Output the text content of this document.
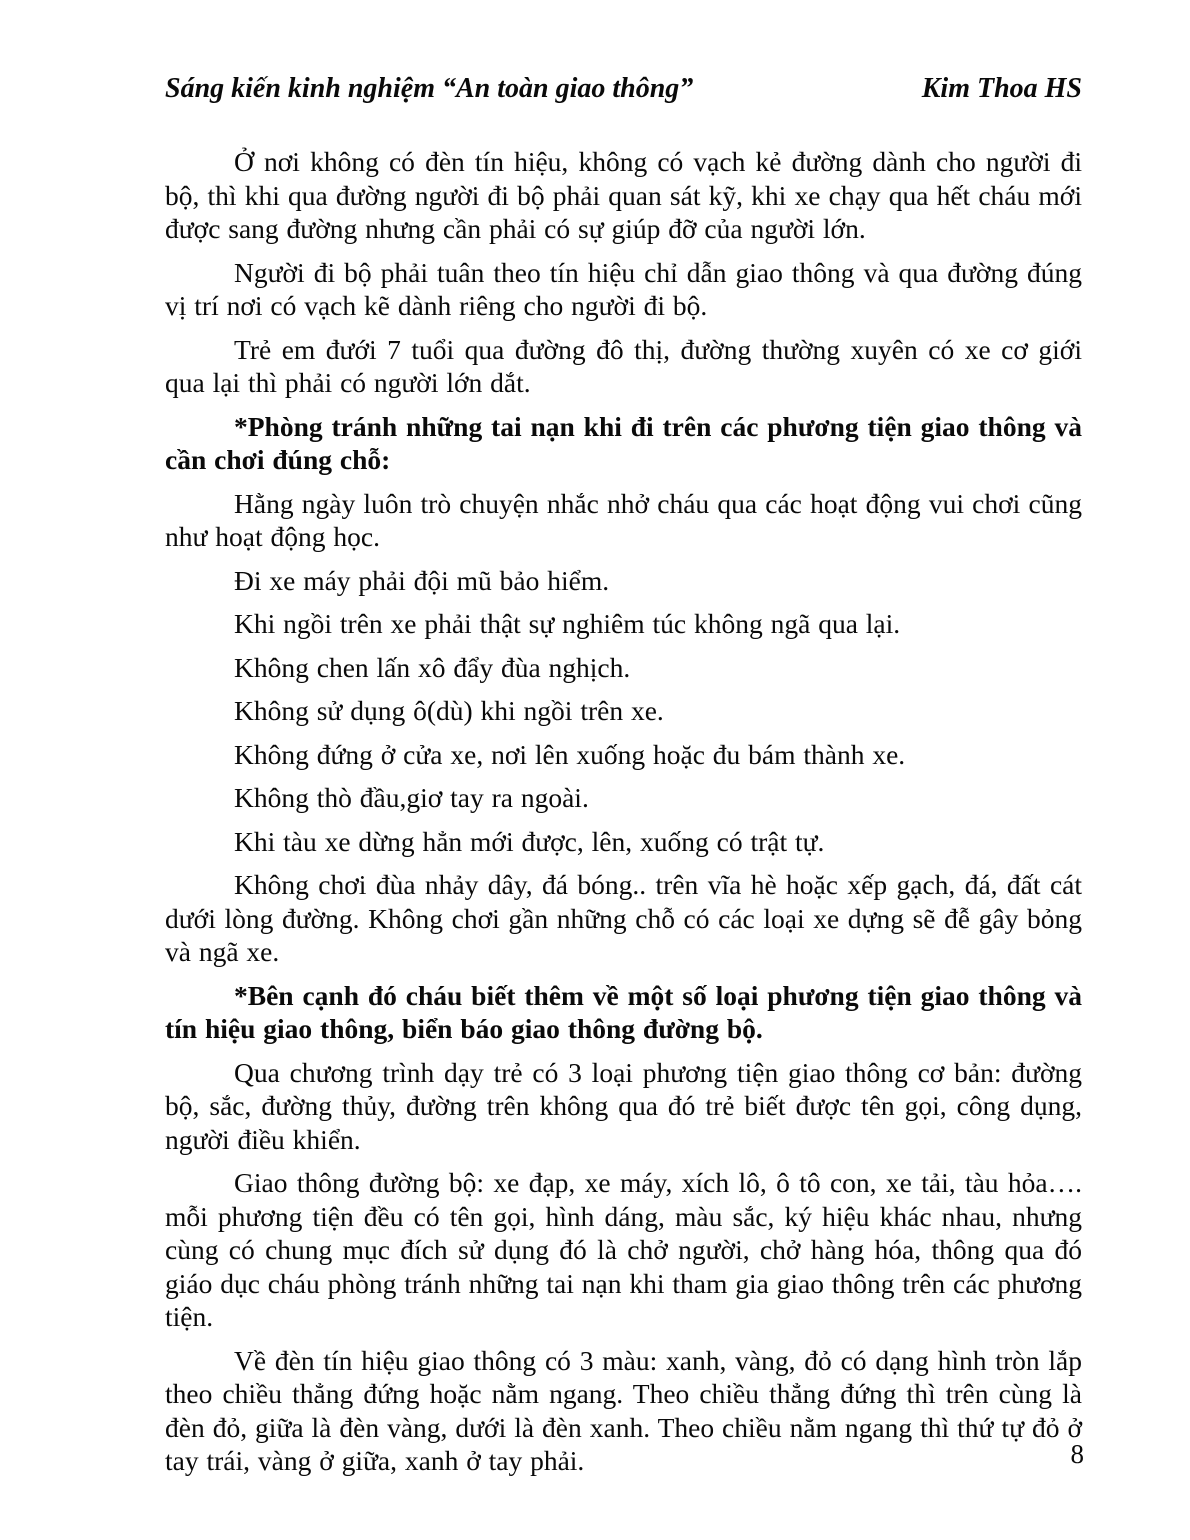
Sáng kiến kinh nghiệm “An toàn giao thông”	Kim Thoa HS

Ở nơi không có đèn tín hiệu, không có vạch kẻ đường dành cho người đi bộ, thì khi qua đường người đi bộ phải quan sát kỹ, khi xe chạy qua hết cháu mới được sang đường nhưng cần phải có sự giúp đỡ của người lớn.

Người đi bộ phải tuân theo tín hiệu chỉ dẫn giao thông và qua đường đúng vị trí nơi có vạch kẽ dành riêng cho người đi bộ.

Trẻ em đưới 7 tuổi qua đường đô thị, đường thường xuyên có xe cơ giới qua lại thì phải có người lớn dắt.

*Phòng tránh những tai nạn khi đi trên các phương tiện giao thông và cần chơi đúng chỗ:

Hằng ngày luôn trò chuyện nhắc nhở cháu qua các hoạt động vui chơi cũng như hoạt động học.

Đi xe máy phải đội mũ bảo hiểm.

Khi ngồi trên xe phải thật sự nghiêm túc không ngã qua lại.

Không chen lấn xô đẩy đùa nghịch.

Không sử dụng ô(dù) khi ngồi trên xe.

Không đứng ở cửa xe, nơi lên xuống hoặc đu bám thành xe.

Không thò đầu,giơ tay ra ngoài.

Khi tàu xe dừng hẳn mới được, lên, xuống có trật tự.

Không chơi đùa nhảy dây, đá bóng.. trên vĩa hè hoặc xếp gạch, đá, đất cát dưới lòng đường. Không chơi gần những chỗ có các loại xe dựng sẽ đễ gây bỏng và ngã xe.

*Bên cạnh đó cháu biết thêm về một số loại phương tiện giao thông và tín hiệu giao thông, biển báo giao thông đường bộ.

Qua chương trình dạy trẻ có 3 loại phương tiện giao thông cơ bản: đường bộ, sắc, đường thủy, đường trên không qua đó trẻ biết được tên gọi, công dụng, người điều khiển.

Giao thông đường bộ: xe đạp, xe máy, xích lô, ô tô con, xe tải, tàu hỏa…. mỗi phương tiện đều có tên gọi, hình dáng, màu sắc, ký hiệu khác nhau, nhưng cùng có chung mục đích sử dụng đó là chở người, chở hàng hóa, thông qua đó giáo dục cháu phòng tránh những tai nạn khi tham gia giao thông trên các phương tiện.

Về đèn tín hiệu giao thông có 3 màu: xanh, vàng, đỏ có dạng hình tròn lắp theo chiều thẳng đứng hoặc nằm ngang. Theo chiều thẳng đứng thì trên cùng là đèn đỏ, giữa là đèn vàng, dưới là đèn xanh. Theo chiều nằm ngang thì thứ tự đỏ ở tay trái, vàng ở giữa, xanh ở tay phải.	8
